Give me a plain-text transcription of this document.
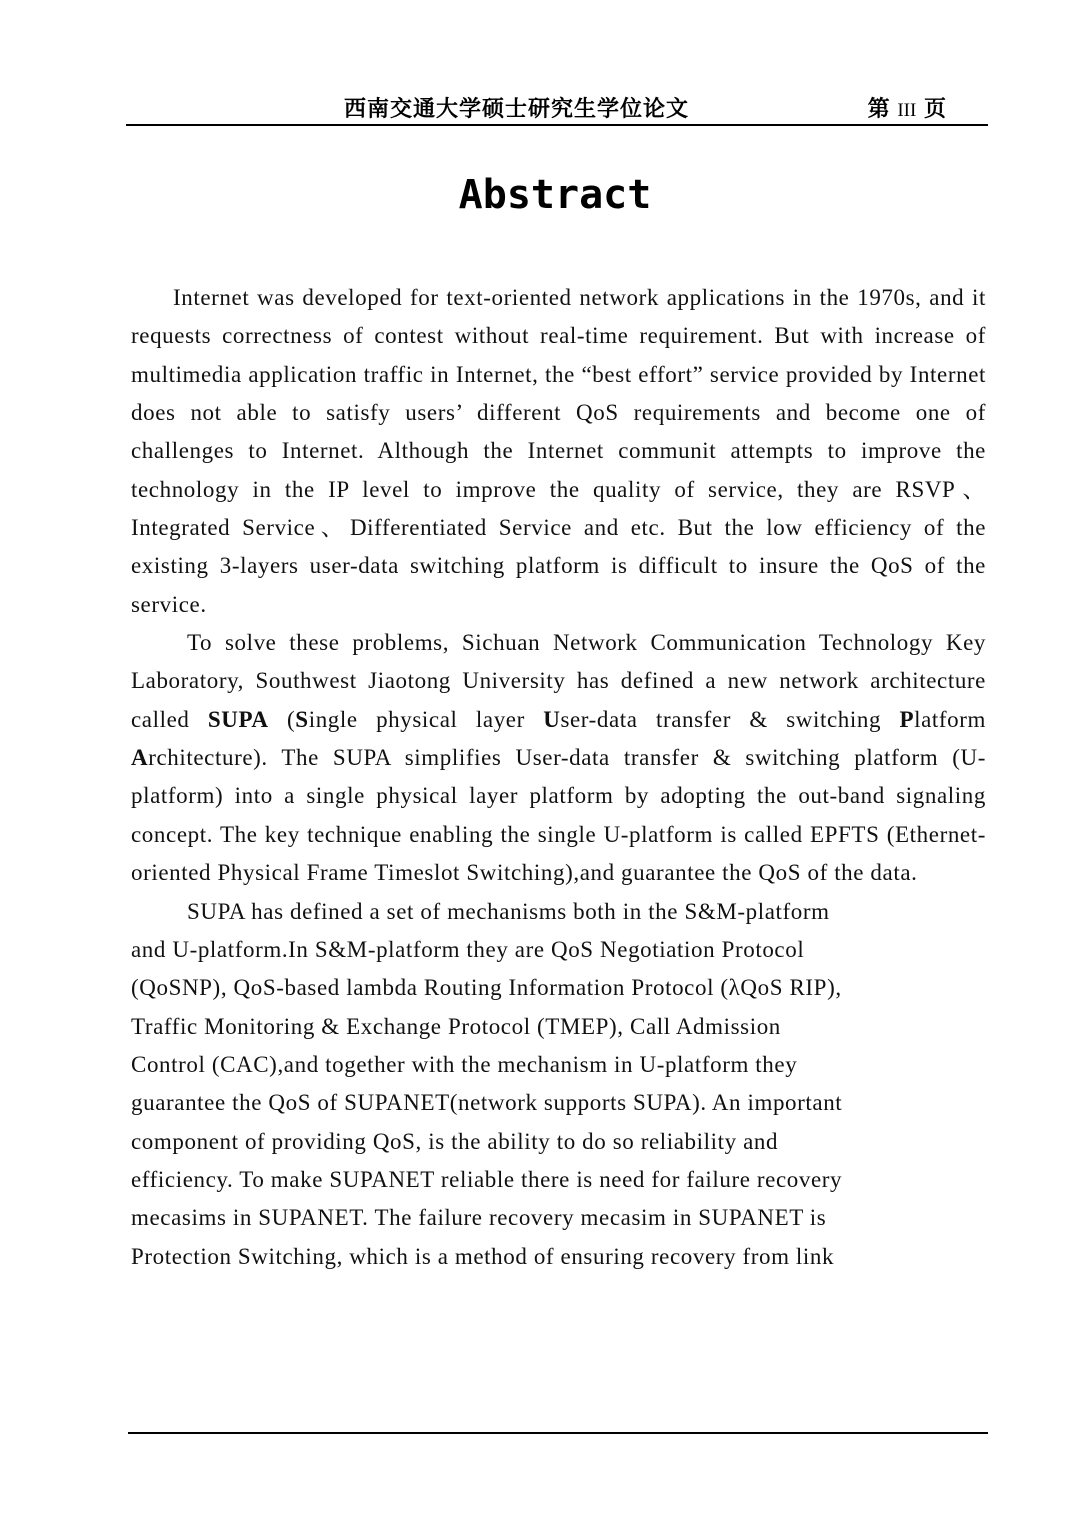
西南交通大学硕士研究生学位论文	第 III 页
Abstract

Internet was developed for text-oriented network applications in the 1970s, and it requests correctness of contest without real-time requirement. But with increase of multimedia application traffic in Internet, the “best effort” service provided by Internet does not able to satisfy users’ different QoS requirements and become one of challenges to Internet. Although the Internet communit attempts to improve the technology in the IP level to improve the quality of service, they are RSVP、Integrated Service、Differentiated Service and etc. But the low efficiency of the existing 3-layers user-data switching platform is difficult to insure the QoS of the service.

To solve these problems, Sichuan Network Communication Technology Key Laboratory, Southwest Jiaotong University has defined a new network architecture called SUPA (Single physical layer User-data transfer & switching Platform Architecture). The SUPA simplifies User-data transfer & switching platform (U-platform) into a single physical layer platform by adopting the out-band signaling concept. The key technique enabling the single U-platform is called EPFTS (Ethernet-oriented Physical Frame Timeslot Switching),and guarantee the QoS of the data.

SUPA has defined a set of mechanisms both in the S&M-platform
and U-platform.In S&M-platform they are QoS Negotiation Protocol
(QoSNP), QoS-based lambda Routing Information Protocol (λQoS RIP),
Traffic Monitoring & Exchange Protocol (TMEP), Call Admission
Control (CAC),and together with the mechanism in U-platform they
guarantee the QoS of SUPANET(network supports SUPA). An important
component of providing QoS, is the ability to do so reliability and
efficiency. To make SUPANET reliable there is need for failure recovery
mecasims in SUPANET. The failure recovery mecasim in SUPANET is
Protection Switching, which is a method of ensuring recovery from link
